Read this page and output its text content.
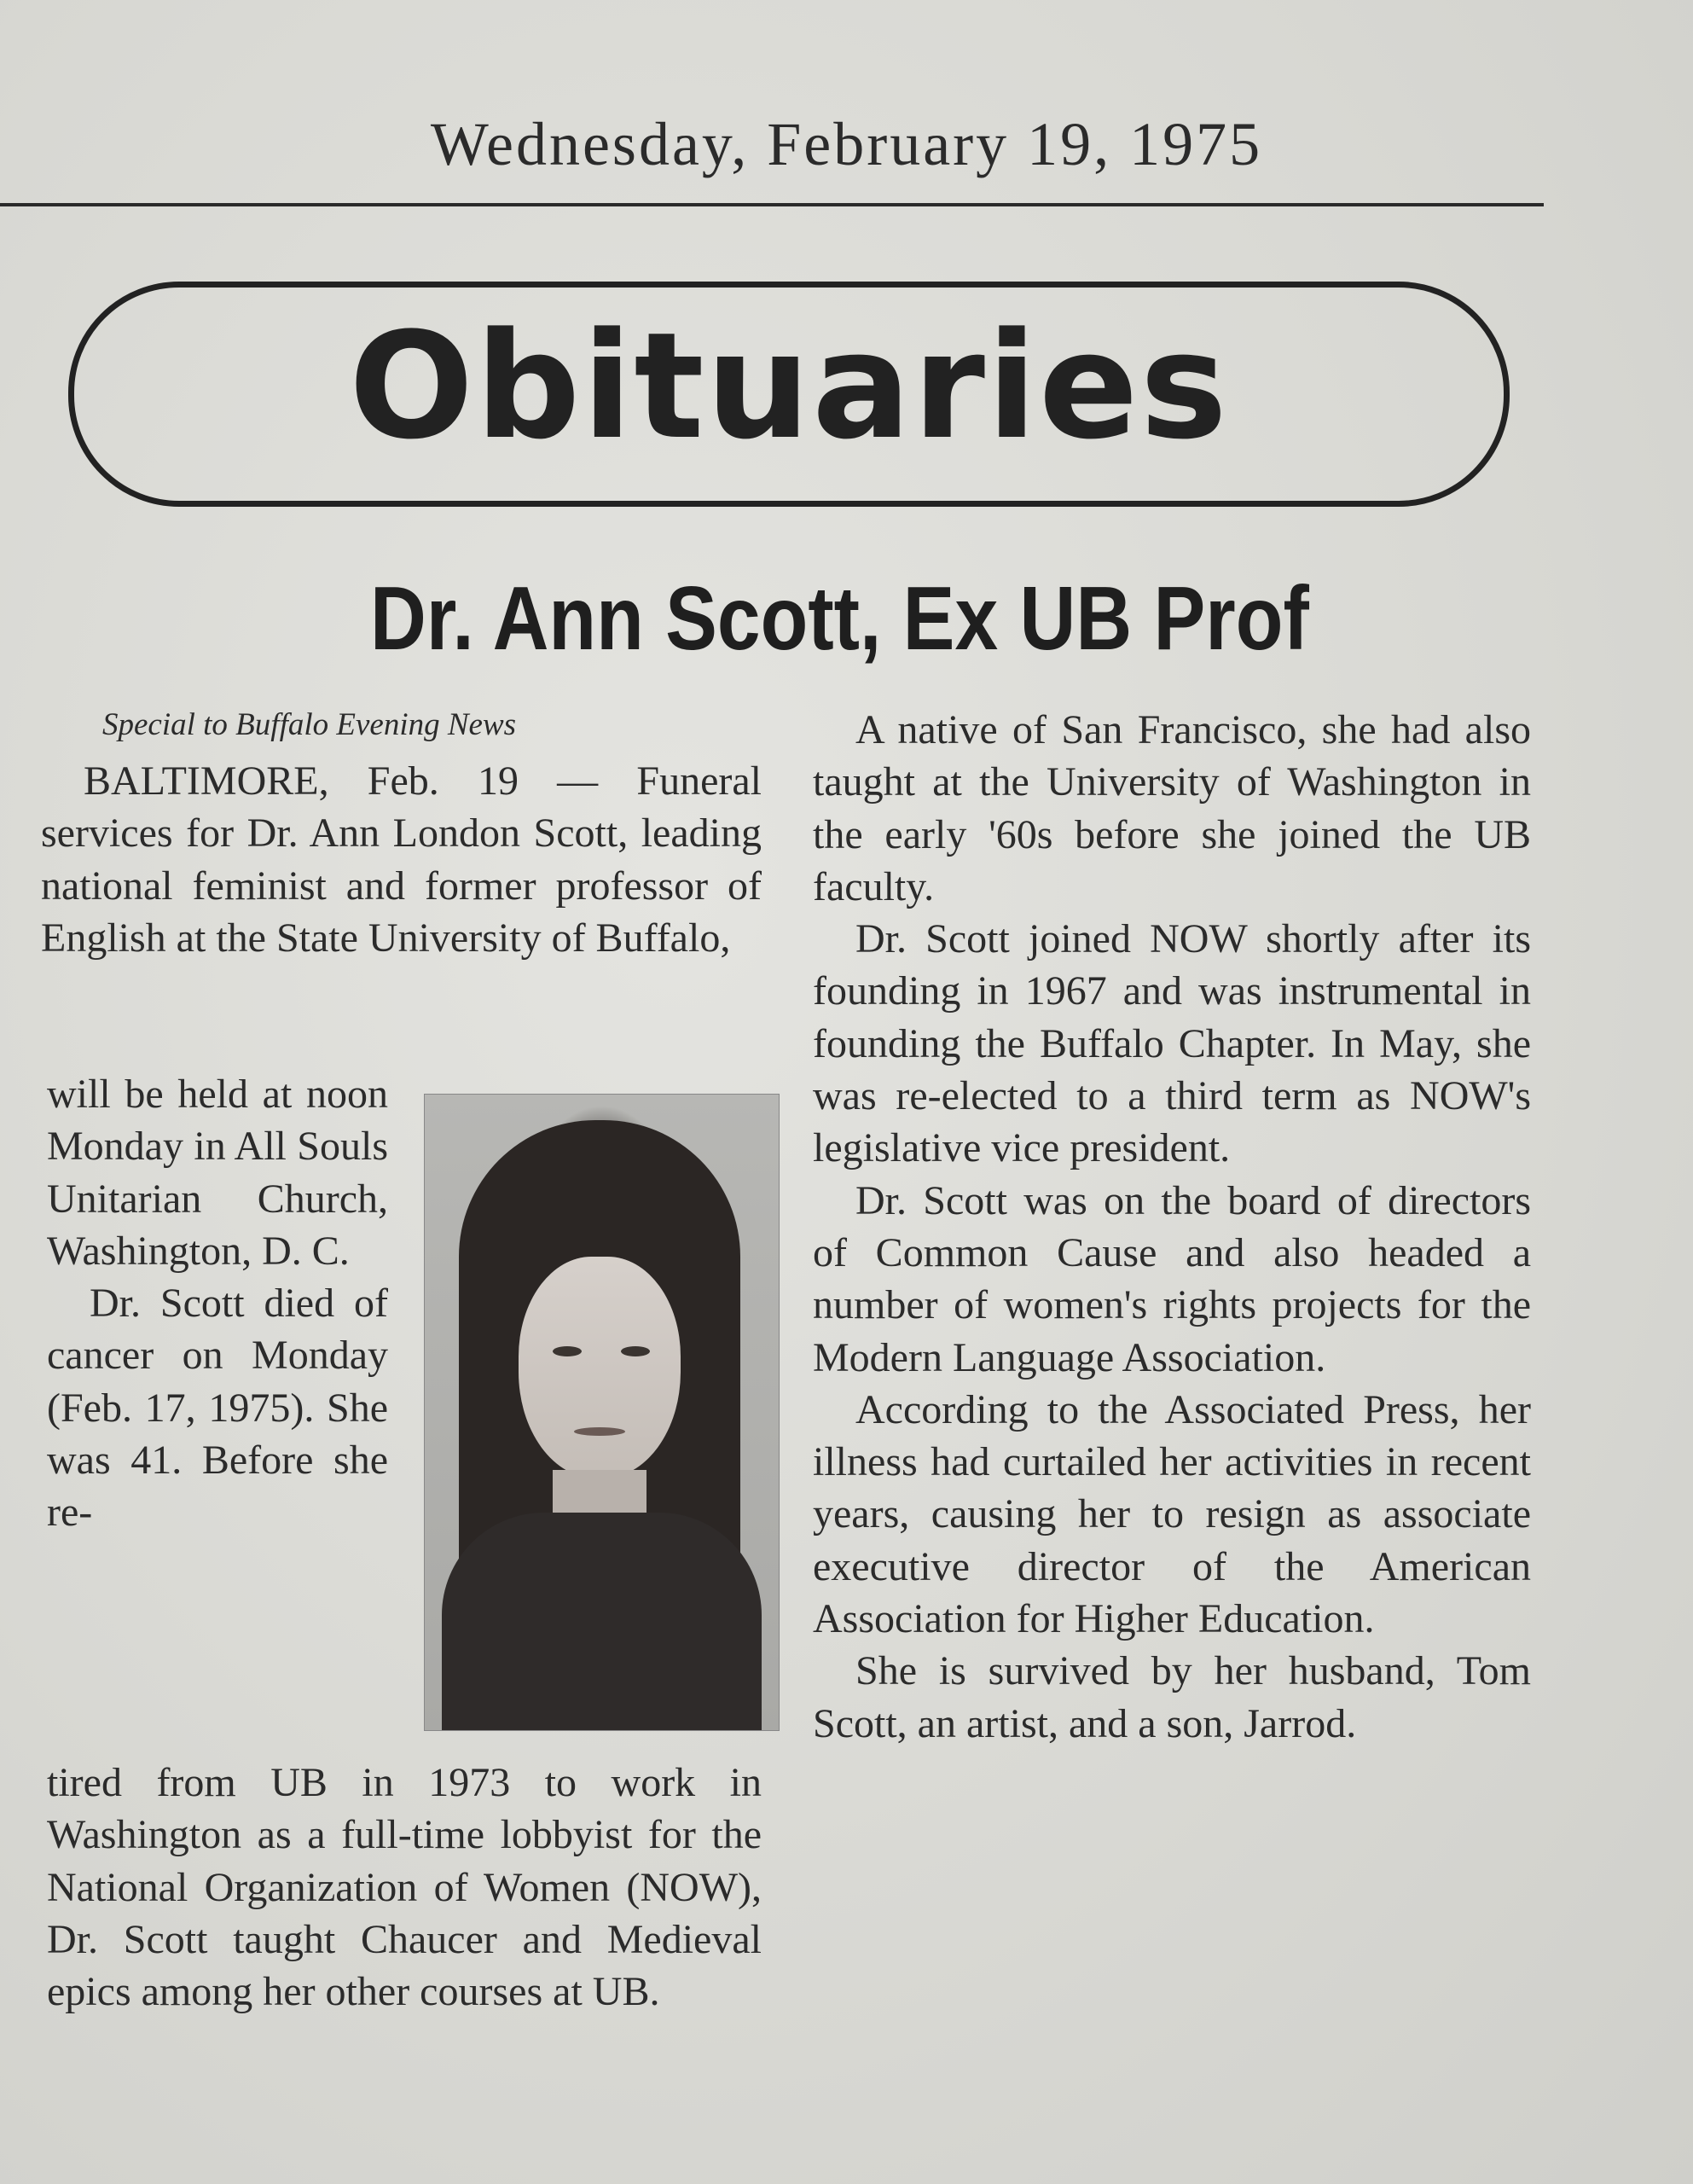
Wednesday, February 19, 1975
Obituaries
Dr. Ann Scott, Ex UB Prof
Special to Buffalo Evening News

BALTIMORE, Feb. 19 — Funeral services for Dr. Ann London Scott, leading national feminist and former professor of English at the State University of Buffalo,

will be held at noon Monday in All Souls Unitarian Church, Washington, D. C.

Dr. Scott died of cancer on Monday (Feb. 17, 1975). She was 41. Before she re-

tired from UB in 1973 to work in Washington as a full-time lobbyist for the National Organization of Women (NOW), Dr. Scott taught Chaucer and Medieval epics among her other courses at UB.

A native of San Francisco, she had also taught at the University of Washington in the early '60s before she joined the UB faculty.

Dr. Scott joined NOW shortly after its founding in 1967 and was instrumental in founding the Buffalo Chapter. In May, she was re-elected to a third term as NOW's legislative vice president.

Dr. Scott was on the board of directors of Common Cause and also headed a number of women's rights projects for the Modern Language Association.

According to the Associated Press, her illness had curtailed her activities in recent years, causing her to resign as associate executive director of the American Association for Higher Education.

She is survived by her husband, Tom Scott, an artist, and a son, Jarrod.
